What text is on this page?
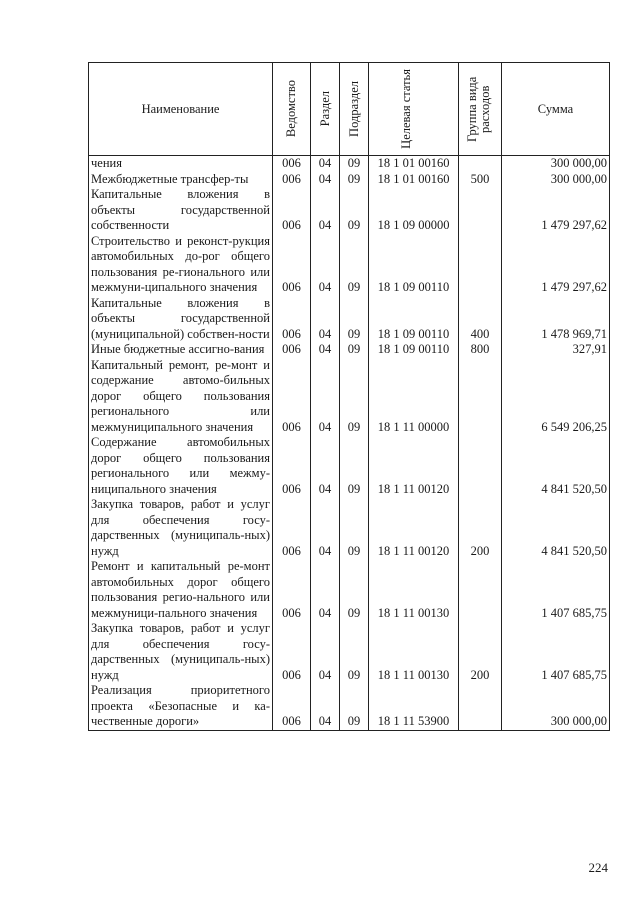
Наименование	Ведомство	Раздел	Подраздел	Целевая статья	Группа вида расходов	Сумма
чения	006	04	09	18 1 01 00160		300 000,00
Межбюджетные трансфер-ты	006	04	09	18 1 01 00160	500	300 000,00
Капитальные вложения в объекты государственной собственности	006	04	09	18 1 09 00000		1 479 297,62
Строительство и реконст-рукция автомобильных до-рог общего пользования ре-гионального или межмуни-ципального значения	006	04	09	18 1 09 00110		1 479 297,62
Капитальные вложения в объекты государственной (муниципальной) собствен-ности	006	04	09	18 1 09 00110	400	1 478 969,71
Иные бюджетные ассигно-вания	006	04	09	18 1 09 00110	800	327,91
Капитальный ремонт, ре-монт и содержание автомо-бильных дорог общего пользования регионального или межмуниципального значения	006	04	09	18 1 11 00000		6 549 206,25
Содержание автомобильных дорог общего пользования регионального или межму-ниципального значения	006	04	09	18 1 11 00120		4 841 520,50
Закупка товаров, работ и услуг для обеспечения госу-дарственных (муниципаль-ных) нужд	006	04	09	18 1 11 00120	200	4 841 520,50
Ремонт и капитальный ре-монт автомобильных дорог общего пользования регио-нального или межмуници-пального значения	006	04	09	18 1 11 00130		1 407 685,75
Закупка товаров, работ и услуг для обеспечения госу-дарственных (муниципаль-ных) нужд	006	04	09	18 1 11 00130	200	1 407 685,75
Реализация приоритетного проекта «Безопасные и ка-чественные дороги»	006	04	09	18 1 11 53900		300 000,00
224
